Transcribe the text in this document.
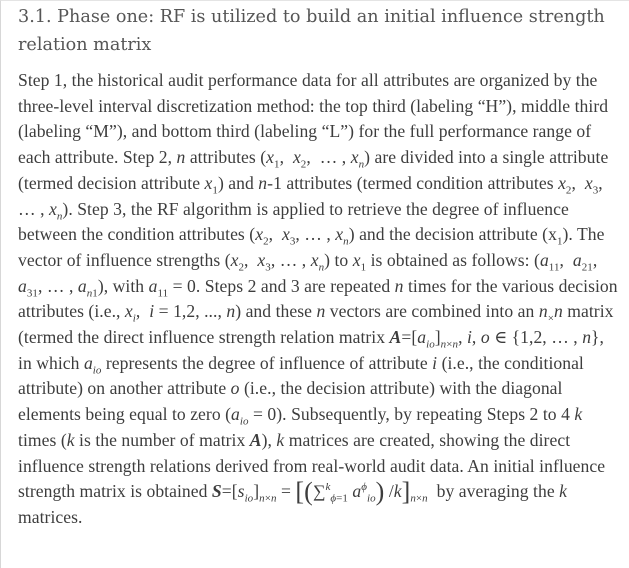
3.1. Phase one: RF is utilized to build an initial influence strength relation matrix

Step 1, the historical audit performance data for all attributes are organized by the three-level interval discretization method: the top third (labeling “H”), middle third (labeling “M”), and bottom third (labeling “L”) for the full performance range of each attribute. Step 2, n attributes ($x_1$,  $x_2$,  … , $x_n$) are divided into a single attribute (termed decision attribute $x_1$) and n-1 attributes (termed condition attributes $x_2$,  $x_3$, … , $x_n$). Step 3, the RF algorithm is applied to retrieve the degree of influence between the condition attributes ($x_2$,  $x_3$, … , $x_n$) and the decision attribute $(x_1)$. The vector of influence strengths ($x_2$,  $x_3$, … , $x_n$) to $x_1$ is obtained as follows: ($a_{11}$,  $a_{21}$, $a_{31}$, … , $a_{n1}$), with $a_{11} = 0$. Steps 2 and 3 are repeated n times for the various decision attributes (i.e., $x_i$,  i = 1,2, ..., n) and these n vectors are combined into an $n_\times n$ matrix (termed the direct influence strength relation matrix $A=[a_{io}]_{n\times n}$, i, o ∈ {1,2, … , n}, in which $a_{io}$ represents the degree of influence of attribute i (i.e., the conditional attribute) on another attribute o (i.e., the decision attribute) with the diagonal elements being equal to zero $(a_{io} = 0)$. Subsequently, by repeating Steps 2 to 4 k times (k is the number of matrix A), k matrices are created, showing the direct influence strength relations derived from real-world audit data. An initial influence strength matrix is obtained $S=[s_{io}]_{n\times n} = [(\sum^k_{\phi=1}$ $a^\phi_{io}$) $/k]_{n\times n}$  by averaging the k matrices.
